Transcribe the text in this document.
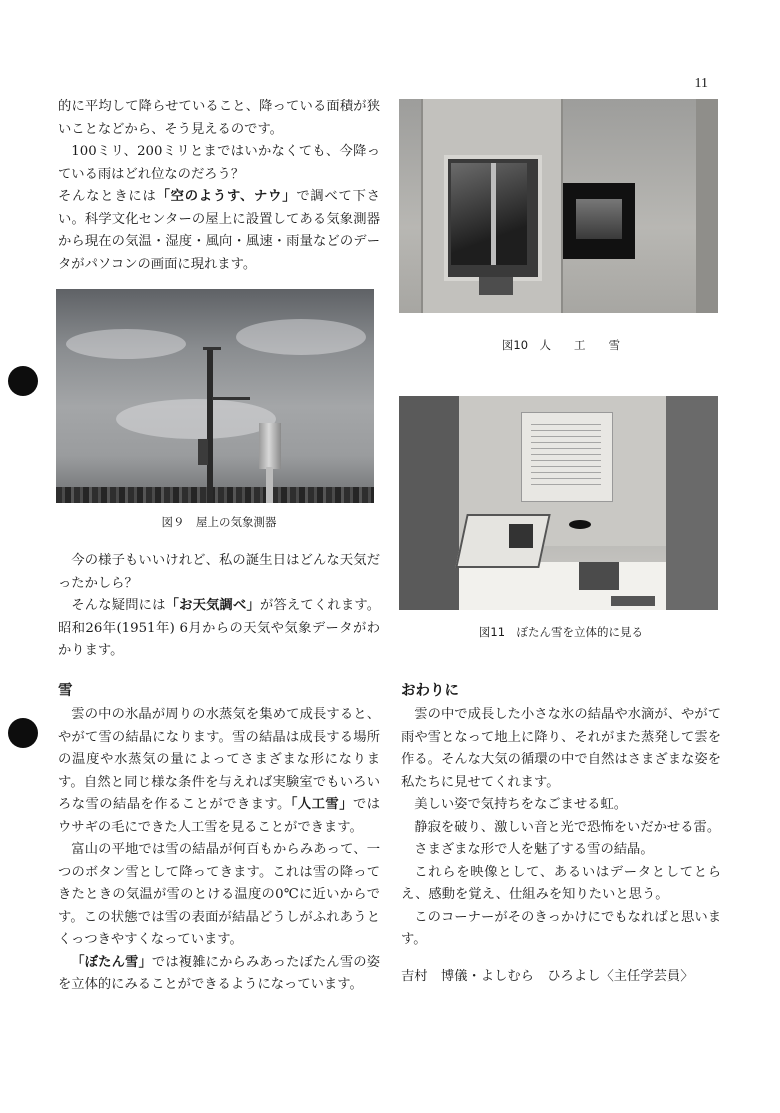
11

的に平均して降らせていること、降っている面積が狭いことなどから、そう見えるのです。

100ミリ、200ミリとまではいかなくても、今降っている雨はどれ位なのだろう？

そんなときには「空のようす、ナウ」で調べて下さい。科学文化センターの屋上に設置してある気象測器から現在の気温・湿度・風向・風速・雨量などのデータがパソコンの画面に現れます。

図９　屋上の気象測器

今の様子もいいけれど、私の誕生日はどんな天気だったかしら？

そんな疑問には「お天気調べ」が答えてくれます。昭和26年(1951年) 6月からの天気や気象データがわかります。

雪

雲の中の氷晶が周りの水蒸気を集めて成長すると、やがて雪の結晶になります。雪の結晶は成長する場所の温度や水蒸気の量によってさまざまな形になります。自然と同じ様な条件を与えれば実験室でもいろいろな雪の結晶を作ることができます。「人工雪」ではウサギの毛にできた人工雪を見ることができます。

富山の平地では雪の結晶が何百もからみあって、一つのボタン雪として降ってきます。これは雪の降ってきたときの気温が雪のとける温度の0℃に近いからです。この状態では雪の表面が結晶どうしがふれあうとくっつきやすくなっています。

「ぼたん雪」では複雑にからみあったぼたん雪の姿を立体的にみることができるようになっています。

図10　人　　工　　雪

図11　ぼたん雪を立体的に見る

おわりに

雲の中で成長した小さな氷の結晶や水滴が、やがて雨や雪となって地上に降り、それがまた蒸発して雲を作る。そんな大気の循環の中で自然はさまざまな姿を私たちに見せてくれます。

美しい姿で気持ちをなごませる虹。

静寂を破り、激しい音と光で恐怖をいだかせる雷。

さまざまな形で人を魅了する雪の結晶。

これらを映像として、あるいはデータとしてとらえ、感動を覚え、仕組みを知りたいと思う。

このコーナーがそのきっかけにでもなればと思います。

吉村　博儀・よしむら　ひろよし〈主任学芸員〉
